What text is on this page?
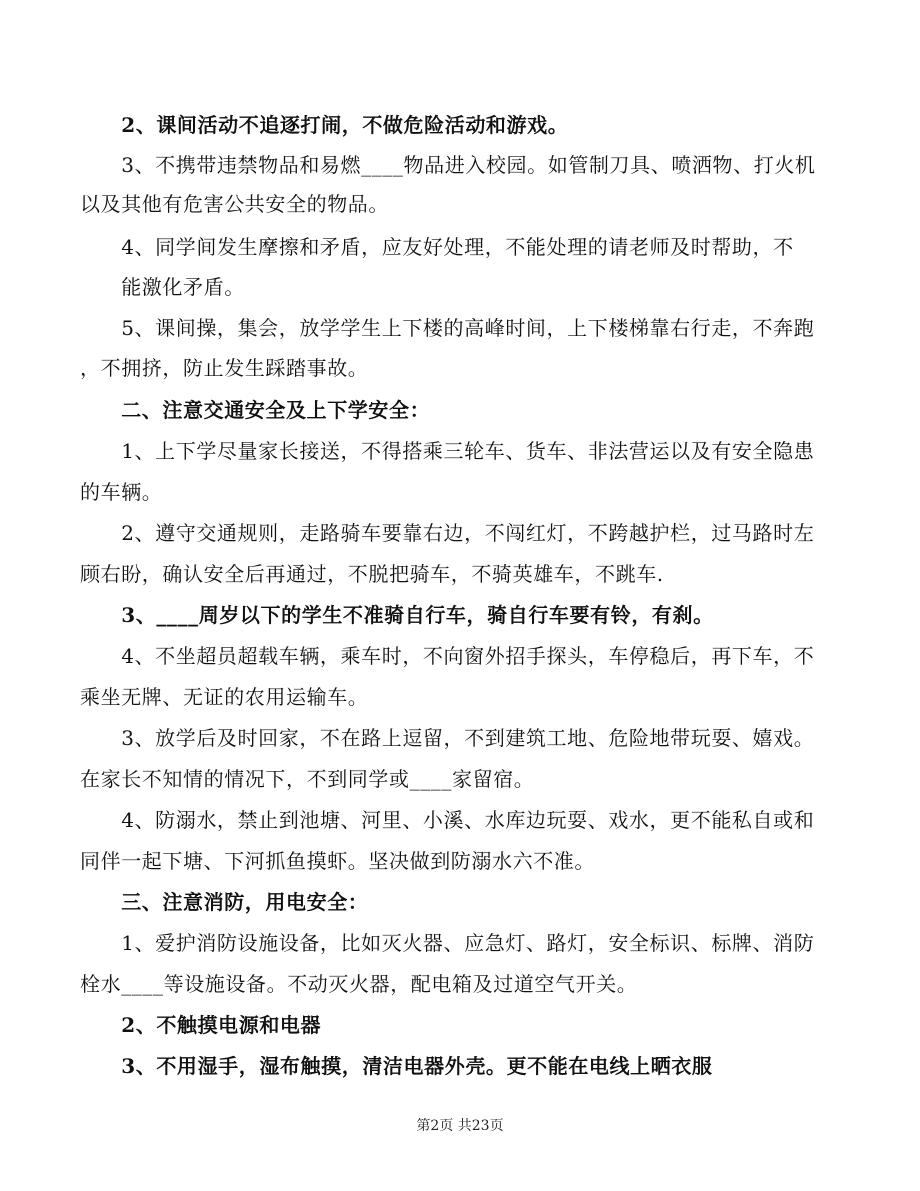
　　2、课间活动不追逐打闹，不做危险活动和游戏。
　　3、不携带违禁物品和易燃____物品进入校园。如管制刀具、喷洒物、打火机
以及其他有危害公共安全的物品。
　　4、同学间发生摩擦和矛盾，应友好处理，不能处理的请老师及时帮助，不
　　能激化矛盾。
　　5、课间操，集会，放学学生上下楼的高峰时间，上下楼梯靠右行走，不奔跑
，不拥挤，防止发生踩踏事故。
　　二、注意交通安全及上下学安全：
　　1、上下学尽量家长接送，不得搭乘三轮车、货车、非法营运以及有安全隐患
的车辆。
　　2、遵守交通规则，走路骑车要靠右边，不闯红灯，不跨越护栏，过马路时左
顾右盼，确认安全后再通过，不脱把骑车，不骑英雄车，不跳车.
　　3、____周岁以下的学生不准骑自行车，骑自行车要有铃，有刹。
　　4、不坐超员超载车辆，乘车时，不向窗外招手探头，车停稳后，再下车，不
乘坐无牌、无证的农用运输车。
　　3、放学后及时回家，不在路上逗留，不到建筑工地、危险地带玩耍、嬉戏。
在家长不知情的情况下，不到同学或____家留宿。
　　4、防溺水，禁止到池塘、河里、小溪、水库边玩耍、戏水，更不能私自或和
同伴一起下塘、下河抓鱼摸虾。坚决做到防溺水六不准。
　　三、注意消防，用电安全：
　　1、爱护消防设施设备，比如灭火器、应急灯、路灯，安全标识、标牌、消防
栓水____等设施设备。不动灭火器，配电箱及过道空气开关。
　　2、不触摸电源和电器
　　3、不用湿手，湿布触摸，清洁电器外壳。更不能在电线上晒衣服
第2页 共23页
